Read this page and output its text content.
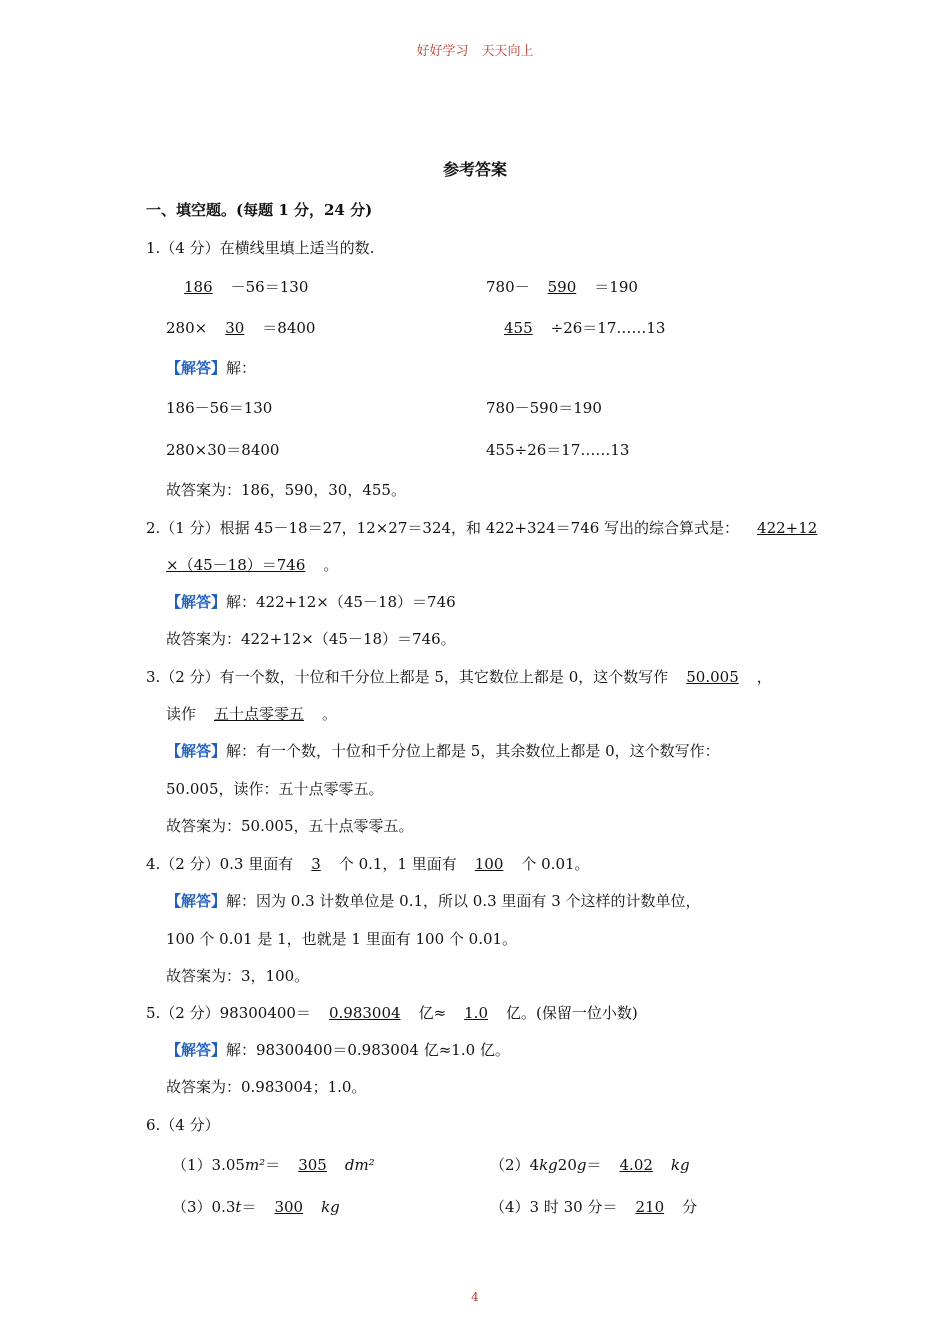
好好学习　天天向上
参考答案
一、填空题。(每题 1 分，24 分)
1.（4 分）在横线里填上适当的数.
186 －56＝130	780－ 590 ＝190
280× 30 ＝8400	455 ÷26＝17……13
【解答】解：
186－56＝130	780－590＝190
280×30＝8400	455÷26＝17……13
故答案为：186，590，30，455。
2.（1 分）根据 45－18＝27，12×27＝324，和 422+324＝746 写出的综合算式是： 422+12
×（45－18）＝746 。
【解答】解：422+12×（45－18）＝746
故答案为：422+12×（45－18）＝746。
3.（2 分）有一个数，十位和千分位上都是 5，其它数位上都是 0，这个数写作 50.005 ，
读作 五十点零零五 。
【解答】解：有一个数，十位和千分位上都是 5，其余数位上都是 0，这个数写作：
50.005，读作：五十点零零五。
故答案为：50.005，五十点零零五。
4.（2 分）0.3 里面有 3 个 0.1，1 里面有 100 个 0.01。
【解答】解：因为 0.3 计数单位是 0.1，所以 0.3 里面有 3 个这样的计数单位，
100 个 0.01 是 1，也就是 1 里面有 100 个 0.01。
故答案为：3，100。
5.（2 分）98300400＝ 0.983004 亿≈ 1.0 亿。(保留一位小数)
【解答】解：98300400＝0.983004 亿≈1.0 亿。
故答案为：0.983004；1.0。
6.（4 分）
（1）3.05m²＝ 305 dm²	（2）4kg20g＝ 4.02 kg
（3）0.3t＝ 300 kg	（4）3 时 30 分＝ 210 分
4
